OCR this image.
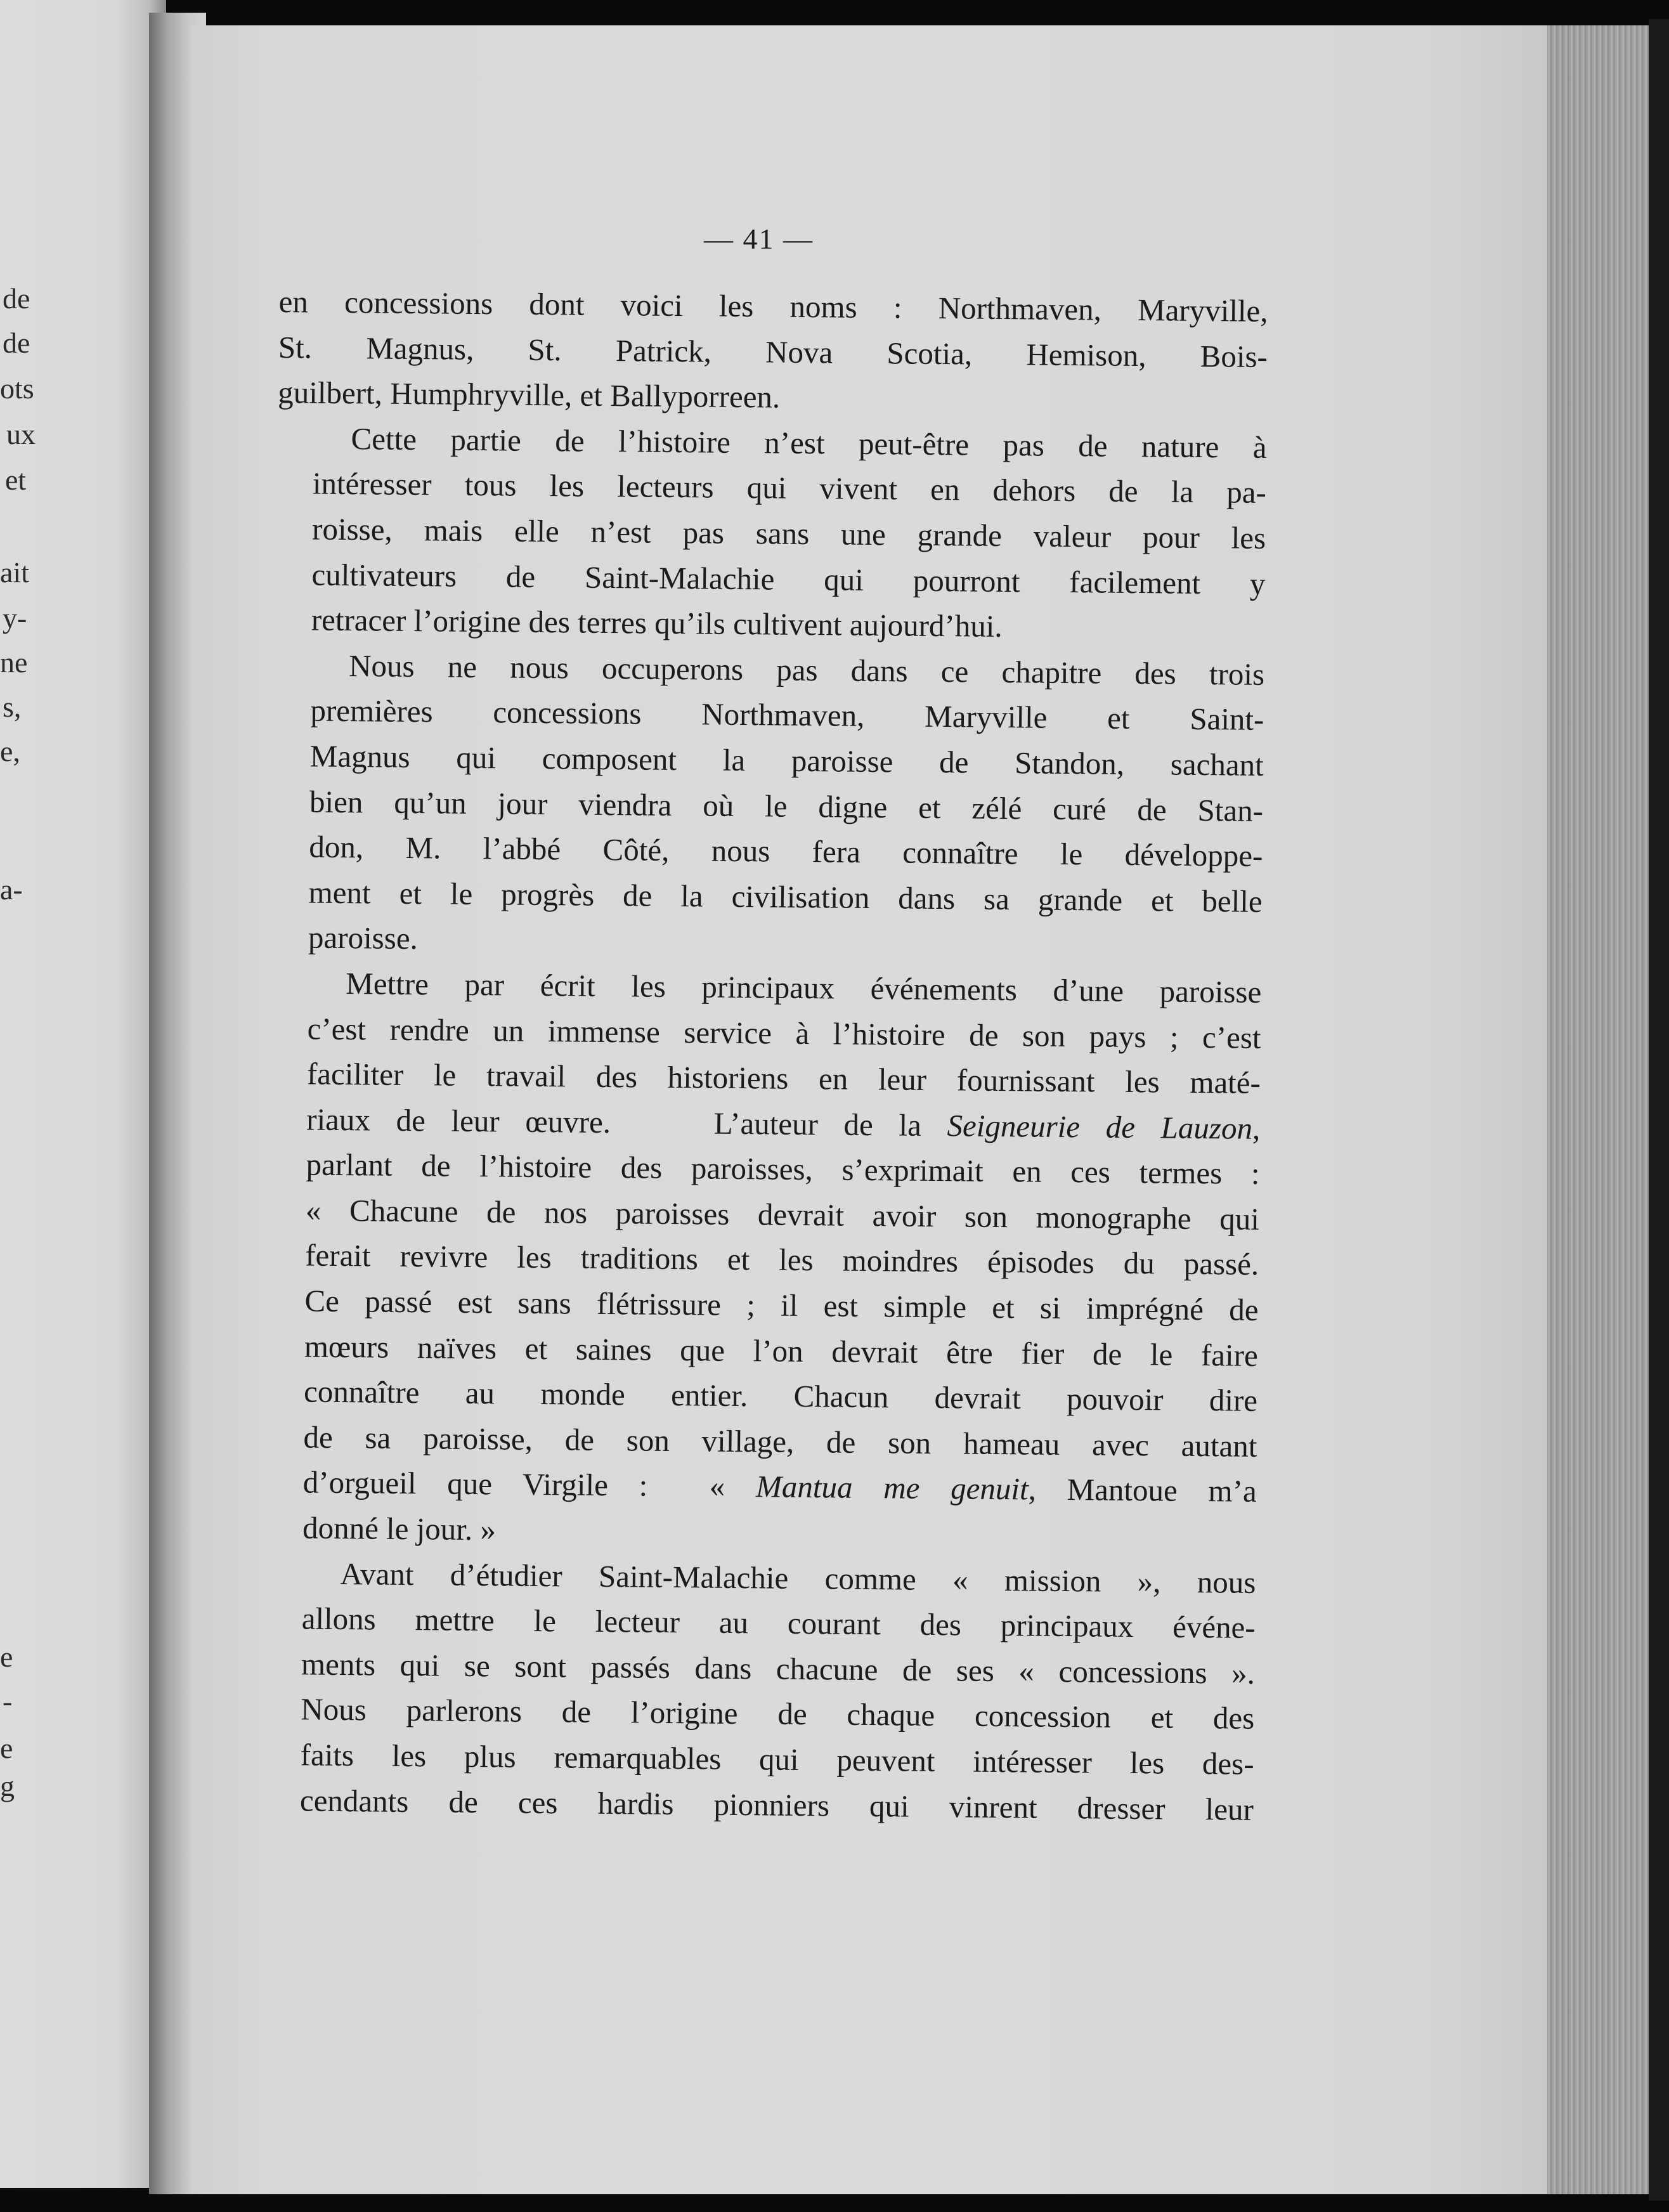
de
de
ots
ux
et
ait
y-
ne
s,
e,
a-
e
-
e
g
— 41 —

en concessions dont voici les noms : Northmaven, Maryville,
St. Magnus, St. Patrick, Nova Scotia, Hemison, Bois-
guilbert, Humphryville, et Ballyporreen.

Cette partie de l’histoire n’est peut-être pas de nature à
intéresser tous les lecteurs qui vivent en dehors de la pa-
roisse, mais elle n’est pas sans une grande valeur pour les
cultivateurs de Saint-Malachie qui pourront facilement y
retracer l’origine des terres qu’ils cultivent aujourd’hui.

Nous ne nous occuperons pas dans ce chapitre des trois
premières concessions Northmaven, Maryville et Saint-
Magnus qui composent la paroisse de Standon, sachant
bien qu’un jour viendra où le digne et zélé curé de Stan-
don, M. l’abbé Côté, nous fera connaître le développe-
ment et le progrès de la civilisation dans sa grande et belle
paroisse.

Mettre par écrit les principaux événements d’une paroisse
c’est rendre un immense service à l’histoire de son pays ; c’est
faciliter le travail des historiens en leur fournissant les maté-
riaux de leur œuvre.	L’auteur de la Seigneurie de Lauzon,
parlant de l’histoire des paroisses, s’exprimait en ces termes :
« Chacune de nos paroisses devrait avoir son monographe qui
ferait revivre les traditions et les moindres épisodes du passé.
Ce passé est sans flétrissure ; il est simple et si imprégné de
mœurs naïves et saines que l’on devrait être fier de le faire
connaître au monde entier. Chacun devrait pouvoir dire
de sa paroisse, de son village, de son hameau avec autant
d’orgueil que Virgile : « Mantua me genuit, Mantoue m’a
donné le jour. »

Avant d’étudier Saint-Malachie comme « mission », nous
allons mettre le lecteur au courant des principaux événe-
ments qui se sont passés dans chacune de ses « concessions ».
Nous parlerons de l’origine de chaque concession et des
faits les plus remarquables qui peuvent intéresser les des-
cendants de ces hardis pionniers qui vinrent dresser leur
